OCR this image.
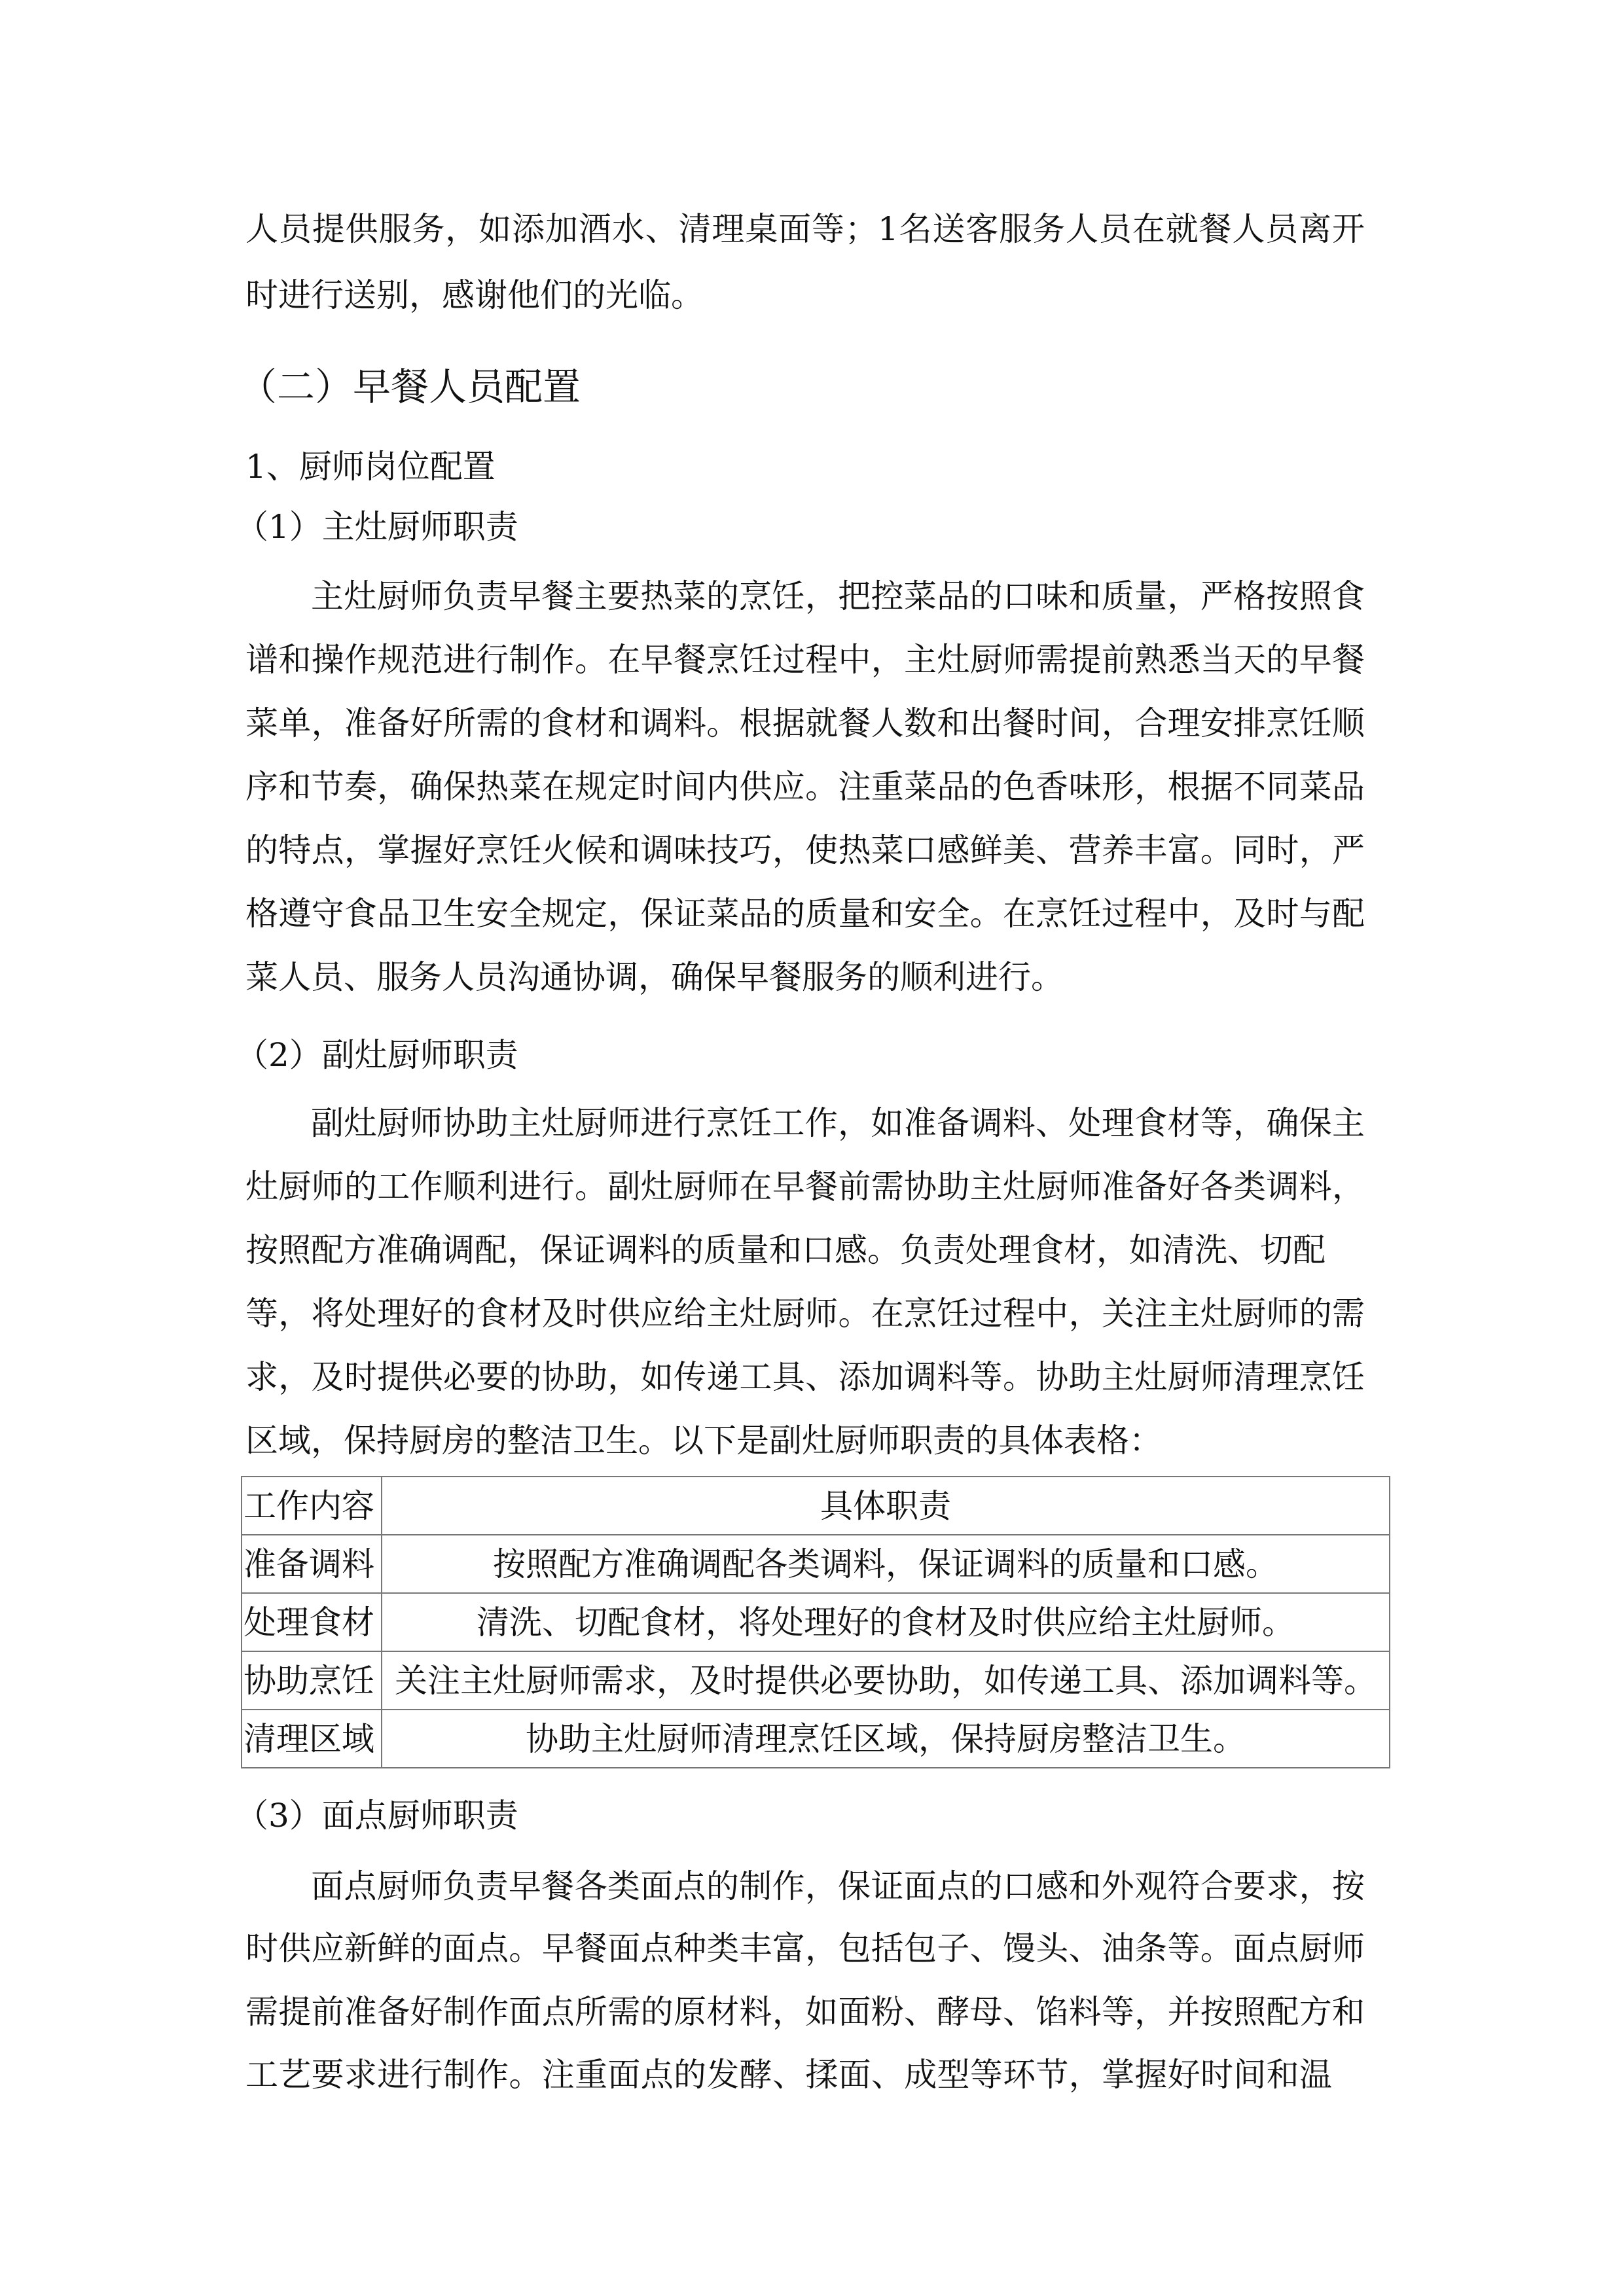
人员提供服务，如添加酒水、清理桌面等；1名送客服务人员在就餐人员离开
时进行送别，感谢他们的光临。
（二）早餐人员配置
1、厨师岗位配置
（1）主灶厨师职责
主灶厨师负责早餐主要热菜的烹饪，把控菜品的口味和质量，严格按照食
谱和操作规范进行制作。在早餐烹饪过程中，主灶厨师需提前熟悉当天的早餐
菜单，准备好所需的食材和调料。根据就餐人数和出餐时间，合理安排烹饪顺
序和节奏，确保热菜在规定时间内供应。注重菜品的色香味形，根据不同菜品
的特点，掌握好烹饪火候和调味技巧，使热菜口感鲜美、营养丰富。同时，严
格遵守食品卫生安全规定，保证菜品的质量和安全。在烹饪过程中，及时与配
菜人员、服务人员沟通协调，确保早餐服务的顺利进行。
（2）副灶厨师职责
副灶厨师协助主灶厨师进行烹饪工作，如准备调料、处理食材等，确保主
灶厨师的工作顺利进行。副灶厨师在早餐前需协助主灶厨师准备好各类调料，
按照配方准确调配，保证调料的质量和口感。负责处理食材，如清洗、切配
等，将处理好的食材及时供应给主灶厨师。在烹饪过程中，关注主灶厨师的需
求，及时提供必要的协助，如传递工具、添加调料等。协助主灶厨师清理烹饪
区域，保持厨房的整洁卫生。以下是副灶厨师职责的具体表格：
工作内容	具体职责
准备调料	按照配方准确调配各类调料，保证调料的质量和口感。
处理食材	清洗、切配食材，将处理好的食材及时供应给主灶厨师。
协助烹饪	关注主灶厨师需求，及时提供必要协助，如传递工具、添加调料等。
清理区域	协助主灶厨师清理烹饪区域，保持厨房整洁卫生。
（3）面点厨师职责
面点厨师负责早餐各类面点的制作，保证面点的口感和外观符合要求，按
时供应新鲜的面点。早餐面点种类丰富，包括包子、馒头、油条等。面点厨师
需提前准备好制作面点所需的原材料，如面粉、酵母、馅料等，并按照配方和
工艺要求进行制作。注重面点的发酵、揉面、成型等环节，掌握好时间和温
